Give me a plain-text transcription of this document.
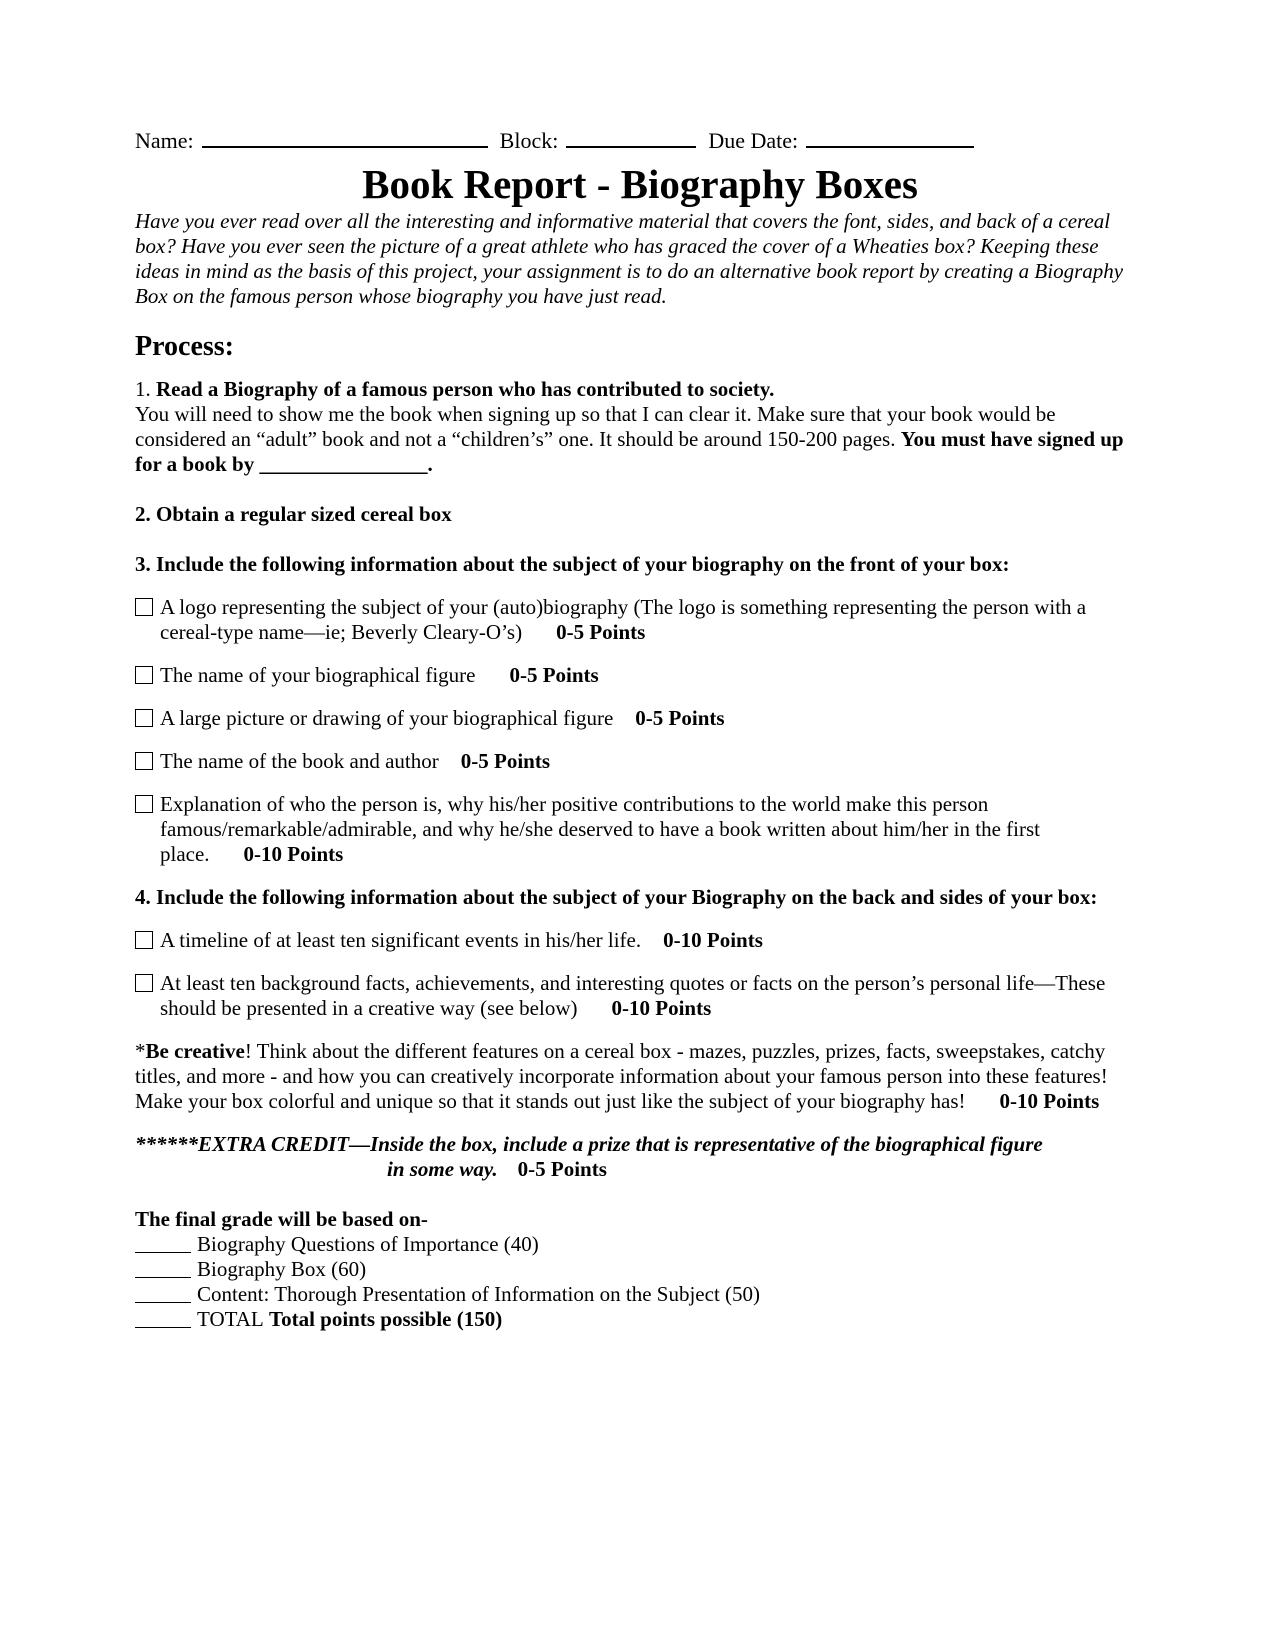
Name:	Block:	Due Date:
Book Report - Biography Boxes

Have you ever read over all the interesting and informative material that covers the font, sides, and back of a cereal box? Have you ever seen the picture of a great athlete who has graced the cover of a Wheaties box? Keeping these ideas in mind as the basis of this project, your assignment is to do an alternative book report by creating a Biography Box on the famous person whose biography you have just read.

Process:

1. Read a Biography of a famous person who has contributed to society.
You will need to show me the book when signing up so that I can clear it. Make sure that your book would be considered an “adult” book and not a “children’s” one. It should be around 150-200 pages. You must have signed up for a book by ________________.

2. Obtain a regular sized cereal box

3. Include the following information about the subject of your biography on the front of your box:

A logo representing the subject of your (auto)biography (The logo is something representing the person with a cereal-type name—ie; Beverly Cleary-O’s) 0-5 Points
The name of your biographical figure 0-5 Points
A large picture or drawing of your biographical figure 0-5 Points
The name of the book and author 0-5 Points
Explanation of who the person is, why his/her positive contributions to the world make this person famous/remarkable/admirable, and why he/she deserved to have a book written about him/her in the first place. 0-10 Points

4. Include the following information about the subject of your Biography on the back and sides of your box:

A timeline of at least ten significant events in his/her life. 0-10 Points
At least ten background facts, achievements, and interesting quotes or facts on the person’s personal life—These should be presented in a creative way (see below) 0-10 Points

*Be creative! Think about the different features on a cereal box - mazes, puzzles, prizes, facts, sweepstakes, catchy titles, and more - and how you can creatively incorporate information about your famous person into these features! Make your box colorful and unique so that it stands out just like the subject of your biography has! 0-10 Points

******EXTRA CREDIT—Inside the box, include a prize that is representative of the biographical figure
in some way. 0-5 Points

The final grade will be based on-

Biography Questions of Importance (40)
Biography Box (60)
Content: Thorough Presentation of Information on the Subject (50)
TOTAL
Total points possible (150)
